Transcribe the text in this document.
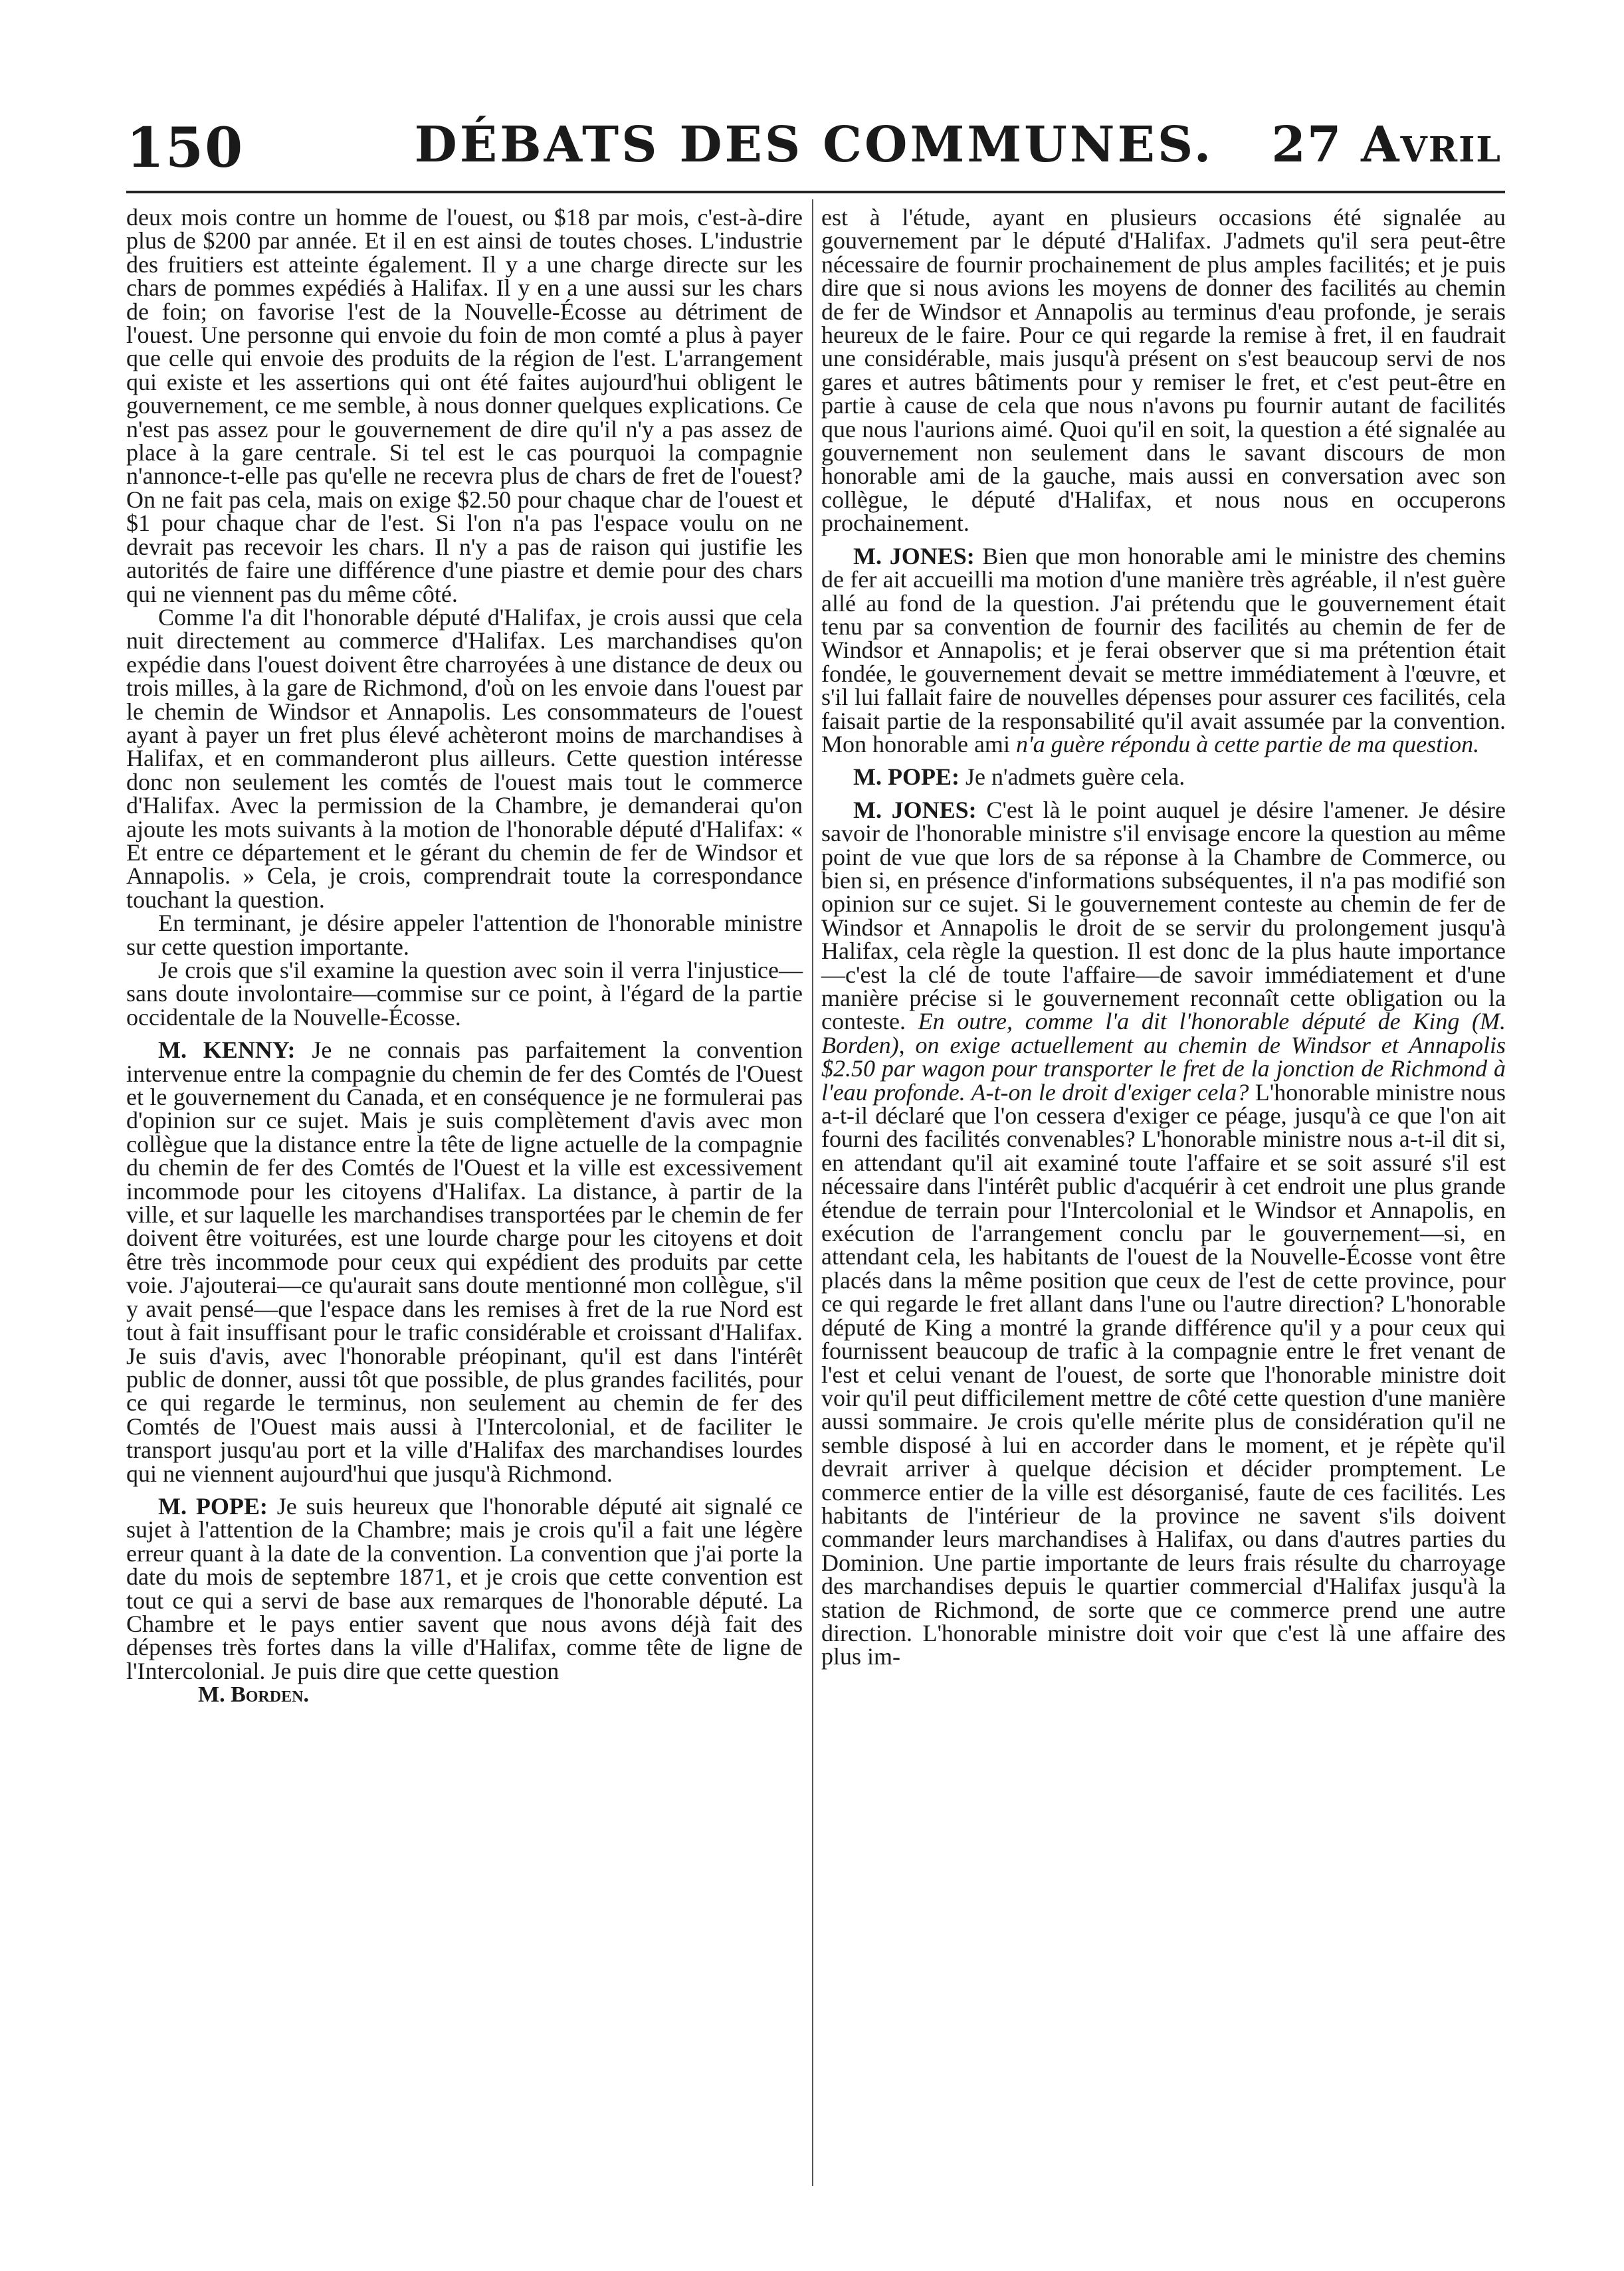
150	DÉBATS DES COMMUNES.	27 Avril

deux mois contre un homme de l'ouest, ou $18 par mois, c'est-à-dire plus de $200 par année. Et il en est ainsi de toutes choses. L'industrie des fruitiers est atteinte également. Il y a une charge directe sur les chars de pommes expédiés à Halifax. Il y en a une aussi sur les chars de foin; on favorise l'est de la Nouvelle-Écosse au détriment de l'ouest. Une personne qui envoie du foin de mon comté a plus à payer que celle qui envoie des produits de la région de l'est. L'arrangement qui existe et les assertions qui ont été faites aujourd'hui obligent le gouvernement, ce me semble, à nous donner quelques explications. Ce n'est pas assez pour le gouvernement de dire qu'il n'y a pas assez de place à la gare centrale. Si tel est le cas pourquoi la compagnie n'annonce-t-elle pas qu'elle ne recevra plus de chars de fret de l'ouest? On ne fait pas cela, mais on exige $2.50 pour chaque char de l'ouest et $1 pour chaque char de l'est. Si l'on n'a pas l'espace voulu on ne devrait pas recevoir les chars. Il n'y a pas de raison qui justifie les autorités de faire une différence d'une piastre et demie pour des chars qui ne viennent pas du même côté.

Comme l'a dit l'honorable député d'Halifax, je crois aussi que cela nuit directement au commerce d'Halifax. Les marchandises qu'on expédie dans l'ouest doivent être charroyées à une distance de deux ou trois milles, à la gare de Richmond, d'où on les envoie dans l'ouest par le chemin de Windsor et Annapolis. Les consommateurs de l'ouest ayant à payer un fret plus élevé achèteront moins de marchandises à Halifax, et en commanderont plus ailleurs. Cette question intéresse donc non seulement les comtés de l'ouest mais tout le commerce d'Halifax. Avec la permission de la Chambre, je demanderai qu'on ajoute les mots suivants à la motion de l'honorable député d'Halifax: « Et entre ce département et le gérant du chemin de fer de Windsor et Annapolis. » Cela, je crois, comprendrait toute la correspondance touchant la question.

En terminant, je désire appeler l'attention de l'honorable ministre sur cette question importante.

Je crois que s'il examine la question avec soin il verra l'injustice—sans doute involontaire—commise sur ce point, à l'égard de la partie occidentale de la Nouvelle-Écosse.

M. KENNY: Je ne connais pas parfaitement la convention intervenue entre la compagnie du chemin de fer des Comtés de l'Ouest et le gouvernement du Canada, et en conséquence je ne formulerai pas d'opinion sur ce sujet. Mais je suis complètement d'avis avec mon collègue que la distance entre la tête de ligne actuelle de la compagnie du chemin de fer des Comtés de l'Ouest et la ville est excessivement incommode pour les citoyens d'Halifax. La distance, à partir de la ville, et sur laquelle les marchandises transportées par le chemin de fer doivent être voiturées, est une lourde charge pour les citoyens et doit être très incommode pour ceux qui expédient des produits par cette voie. J'ajouterai—ce qu'aurait sans doute mentionné mon collègue, s'il y avait pensé—que l'espace dans les remises à fret de la rue Nord est tout à fait insuffisant pour le trafic considérable et croissant d'Halifax. Je suis d'avis, avec l'honorable préopinant, qu'il est dans l'intérêt public de donner, aussi tôt que possible, de plus grandes facilités, pour ce qui regarde le terminus, non seulement au chemin de fer des Comtés de l'Ouest mais aussi à l'Intercolonial, et de faciliter le transport jusqu'au port et la ville d'Halifax des marchandises lourdes qui ne viennent aujourd'hui que jusqu'à Richmond.

M. POPE: Je suis heureux que l'honorable député ait signalé ce sujet à l'attention de la Chambre; mais je crois qu'il a fait une légère erreur quant à la date de la convention. La convention que j'ai porte la date du mois de septembre 1871, et je crois que cette convention est tout ce qui a servi de base aux remarques de l'honorable député. La Chambre et le pays entier savent que nous avons déjà fait des dépenses très fortes dans la ville d'Halifax, comme tête de ligne de l'Intercolonial. Je puis dire que cette question

M. Borden.

est à l'étude, ayant en plusieurs occasions été signalée au gouvernement par le député d'Halifax. J'admets qu'il sera peut-être nécessaire de fournir prochainement de plus amples facilités; et je puis dire que si nous avions les moyens de donner des facilités au chemin de fer de Windsor et Annapolis au terminus d'eau profonde, je serais heureux de le faire. Pour ce qui regarde la remise à fret, il en faudrait une considérable, mais jusqu'à présent on s'est beaucoup servi de nos gares et autres bâtiments pour y remiser le fret, et c'est peut-être en partie à cause de cela que nous n'avons pu fournir autant de facilités que nous l'aurions aimé. Quoi qu'il en soit, la question a été signalée au gouvernement non seulement dans le savant discours de mon honorable ami de la gauche, mais aussi en conversation avec son collègue, le député d'Halifax, et nous nous en occuperons prochainement.

M. JONES: Bien que mon honorable ami le ministre des chemins de fer ait accueilli ma motion d'une manière très agréable, il n'est guère allé au fond de la question. J'ai prétendu que le gouvernement était tenu par sa convention de fournir des facilités au chemin de fer de Windsor et Annapolis; et je ferai observer que si ma prétention était fondée, le gouvernement devait se mettre immédiatement à l'œuvre, et s'il lui fallait faire de nouvelles dépenses pour assurer ces facilités, cela faisait partie de la responsabilité qu'il avait assumée par la convention. Mon honorable ami n'a guère répondu à cette partie de ma question.

M. POPE: Je n'admets guère cela.

M. JONES: C'est là le point auquel je désire l'amener. Je désire savoir de l'honorable ministre s'il envisage encore la question au même point de vue que lors de sa réponse à la Chambre de Commerce, ou bien si, en présence d'informations subséquentes, il n'a pas modifié son opinion sur ce sujet. Si le gouvernement conteste au chemin de fer de Windsor et Annapolis le droit de se servir du prolongement jusqu'à Halifax, cela règle la question. Il est donc de la plus haute importance—c'est la clé de toute l'affaire—de savoir immédiatement et d'une manière précise si le gouvernement reconnaît cette obligation ou la conteste. En outre, comme l'a dit l'honorable député de King (M. Borden), on exige actuellement au chemin de Windsor et Annapolis $2.50 par wagon pour transporter le fret de la jonction de Richmond à l'eau profonde. A-t-on le droit d'exiger cela? L'honorable ministre nous a-t-il déclaré que l'on cessera d'exiger ce péage, jusqu'à ce que l'on ait fourni des facilités convenables? L'honorable ministre nous a-t-il dit si, en attendant qu'il ait examiné toute l'affaire et se soit assuré s'il est nécessaire dans l'intérêt public d'acquérir à cet endroit une plus grande étendue de terrain pour l'Intercolonial et le Windsor et Annapolis, en exécution de l'arrangement conclu par le gouvernement—si, en attendant cela, les habitants de l'ouest de la Nouvelle-Écosse vont être placés dans la même position que ceux de l'est de cette province, pour ce qui regarde le fret allant dans l'une ou l'autre direction? L'honorable député de King a montré la grande différence qu'il y a pour ceux qui fournissent beaucoup de trafic à la compagnie entre le fret venant de l'est et celui venant de l'ouest, de sorte que l'honorable ministre doit voir qu'il peut difficilement mettre de côté cette question d'une manière aussi sommaire. Je crois qu'elle mérite plus de considération qu'il ne semble disposé à lui en accorder dans le moment, et je répète qu'il devrait arriver à quelque décision et décider promptement. Le commerce entier de la ville est désorganisé, faute de ces facilités. Les habitants de l'intérieur de la province ne savent s'ils doivent commander leurs marchandises à Halifax, ou dans d'autres parties du Dominion. Une partie importante de leurs frais résulte du charroyage des marchandises depuis le quartier commercial d'Halifax jusqu'à la station de Richmond, de sorte que ce commerce prend une autre direction. L'honorable ministre doit voir que c'est là une affaire des plus im-
